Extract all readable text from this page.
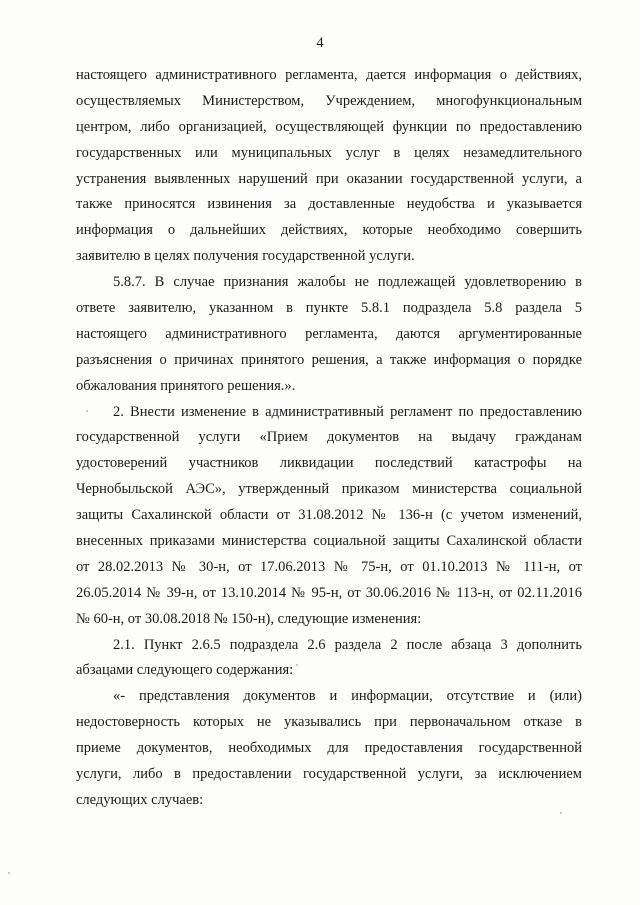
4

настоящего административного регламента, дается информация о действиях,
осуществляемых Министерством, Учреждением, многофункциональным
центром, либо организацией, осуществляющей функции по предоставлению
государственных или муниципальных услуг в целях незамедлительного
устранения выявленных нарушений при оказании государственной услуги, а
также приносятся извинения за доставленные неудобства и указывается
информация о дальнейших действиях, которые необходимо совершить
заявителю в целях получения государственной услуги.

5.8.7. В случае признания жалобы не подлежащей удовлетворению в
ответе заявителю, указанном в пункте 5.8.1 подраздела 5.8 раздела 5
настоящего административного регламента, даются аргументированные
разъяснения о причинах принятого решения, а также информация о порядке
обжалования принятого решения.».

2. Внести изменение в административный регламент по предоставлению
государственной услуги «Прием документов на выдачу гражданам
удостоверений участников ликвидации последствий катастрофы на
Чернобыльской АЭС», утвержденный приказом министерства социальной
защиты Сахалинской области от 31.08.2012 № 136-н (с учетом изменений,
внесенных приказами министерства социальной защиты Сахалинской области
от 28.02.2013 № 30-н, от 17.06.2013 № 75-н, от 01.10.2013 № 111-н, от
26.05.2014 № 39-н, от 13.10.2014 № 95-н, от 30.06.2016 № 113-н, от 02.11.2016
№ 60-н, от 30.08.2018 № 150-н), следующие изменения:

2.1. Пункт 2.6.5 подраздела 2.6 раздела 2 после абзаца 3 дополнить
абзацами следующего содержания:

«- представления документов и информации, отсутствие и (или)
недостоверность которых не указывались при первоначальном отказе в
приеме документов, необходимых для предоставления государственной
услуги, либо в предоставлении государственной услуги, за исключением
следующих случаев:
